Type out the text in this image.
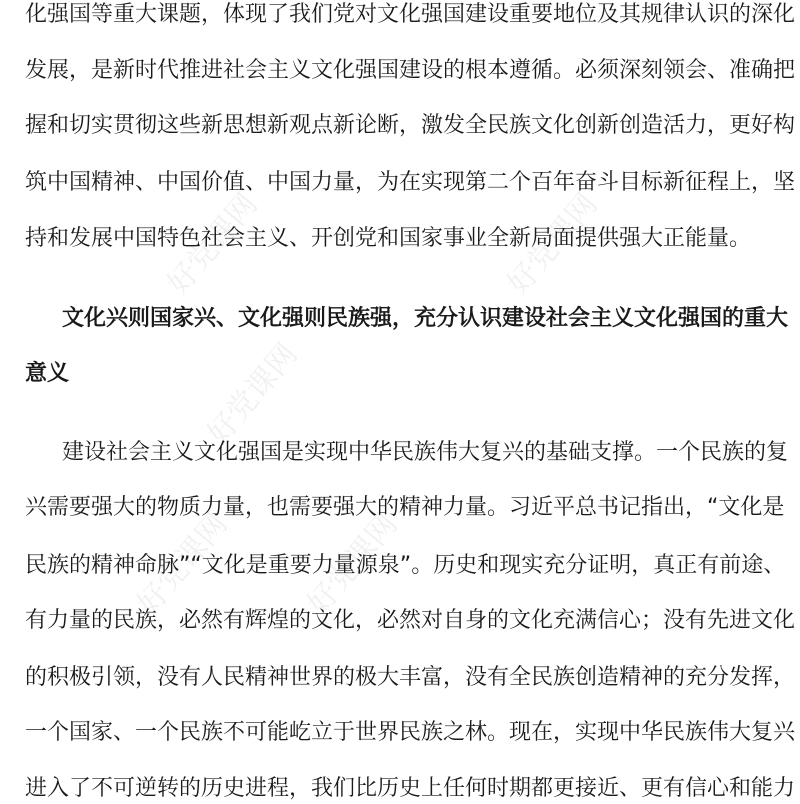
好党课网	好党课网
好党课网
好党课网 好党课网
化强国等重大课题，体现了我们党对文化强国建设重要地位及其规律认识的深化
发展，是新时代推进社会主义文化强国建设的根本遵循。必须深刻领会、准确把
握和切实贯彻这些新思想新观点新论断，激发全民族文化创新创造活力，更好构
筑中国精神、中国价值、中国力量，为在实现第二个百年奋斗目标新征程上，坚
持和发展中国特色社会主义、开创党和国家事业全新局面提供强大正能量。
文化兴则国家兴、文化强则民族强，充分认识建设社会主义文化强国的重大
意义
建设社会主义文化强国是实现中华民族伟大复兴的基础支撑。一个民族的复
兴需要强大的物质力量，也需要强大的精神力量。习近平总书记指出，“文化是
民族的精神命脉”“文化是重要力量源泉”。历史和现实充分证明，真正有前途、
有力量的民族，必然有辉煌的文化，必然对自身的文化充满信心；没有先进文化
的积极引领，没有人民精神世界的极大丰富，没有全民族创造精神的充分发挥，
一个国家、一个民族不可能屹立于世界民族之林。现在，实现中华民族伟大复兴
进入了不可逆转的历史进程，我们比历史上任何时期都更接近、更有信心和能力
